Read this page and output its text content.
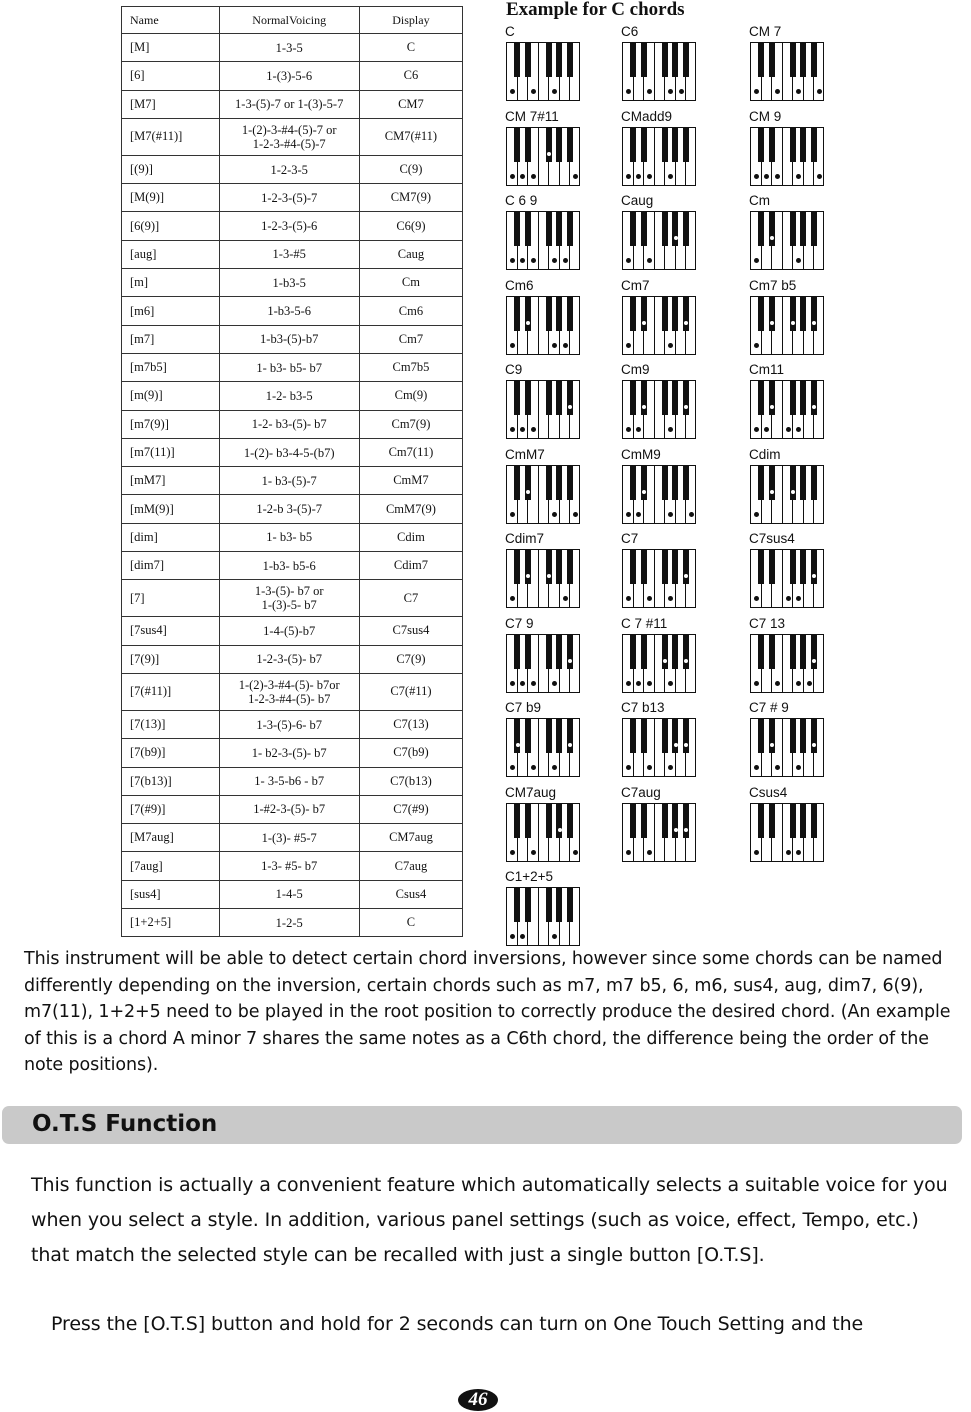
Name	NormalVoicing	Display
[M]	1-3-5	C
[6]	1-(3)-5-6	C6
[M7]	1-3-(5)-7 or 1-(3)-5-7	CM7
[M7(#11)]	1-(2)-3-#4-(5)-7 or
1-2-3-#4-(5)-7	CM7(#11)
[(9)]	1-2-3-5	C(9)
[M(9)]	1-2-3-(5)-7	CM7(9)
[6(9)]	1-2-3-(5)-6	C6(9)
[aug]	1-3-#5	Caug
[m]	1-b3-5	Cm
[m6]	1-b3-5-6	Cm6
[m7]	1-b3-(5)-b7	Cm7
[m7b5]	1- b3- b5- b7	Cm7b5
[m(9)]	1-2- b3-5	Cm(9)
[m7(9)]	1-2- b3-(5)- b7	Cm7(9)
[m7(11)]	1-(2)- b3-4-5-(b7)	Cm7(11)
[mM7]	1- b3-(5)-7	CmM7
[mM(9)]	1-2-b 3-(5)-7	CmM7(9)
[dim]	1- b3- b5	Cdim
[dim7]	1-b3- b5-6	Cdim7
[7]	1-3-(5)- b7 or
1-(3)-5- b7	C7
[7sus4]	1-4-(5)-b7	C7sus4
[7(9)]	1-2-3-(5)- b7	C7(9)
[7(#11)]	1-(2)-3-#4-(5)- b7or
1-2-3-#4-(5)- b7	C7(#11)
[7(13)]	1-3-(5)-6- b7	C7(13)
[7(b9)]	1- b2-3-(5)- b7	C7(b9)
[7(b13)]	1- 3-5-b6 - b7	C7(b13)
[7(#9)]	1-#2-3-(5)- b7	C7(#9)
[M7aug]	1-(3)- #5-7	CM7aug
[7aug]	1-3- #5- b7	C7aug
[sus4]	1-4-5	Csus4
[1+2+5]	1-2-5	C
Example for C chords
C	C6	CM 7
CM 7#11	CMadd9	CM 9
C 6 9	Caug	Cm
Cm6	Cm7	Cm7 b5
C9	Cm9	Cm11
CmM7	CmM9	Cdim
Cdim7	C7	C7sus4
C7 9	C 7 #11	C7 13
C7 b9	C7 b13	C7 # 9
CM7aug	C7aug	Csus4
C1+2+5
This instrument will be able to detect certain chord inversions, however since some chords can be named differently depending on the inversion, certain chords such as m7, m7 b5, 6, m6, sus4, aug, dim7, 6(9), m7(11), 1+2+5 need to be played in the root position to correctly produce the desired chord. (An example of this is a chord A minor 7 shares the same notes as a C6th chord, the difference being the order of the note positions).
O.T.S Function
This function is actually a convenient feature which automatically selects a suitable voice for you when you select a style. In addition, various panel settings (such as voice, effect, Tempo, etc.) that match the selected style can be recalled with just a single button [O.T.S].
Press the [O.T.S] button and hold for 2 seconds can turn on One Touch Setting and the
46
